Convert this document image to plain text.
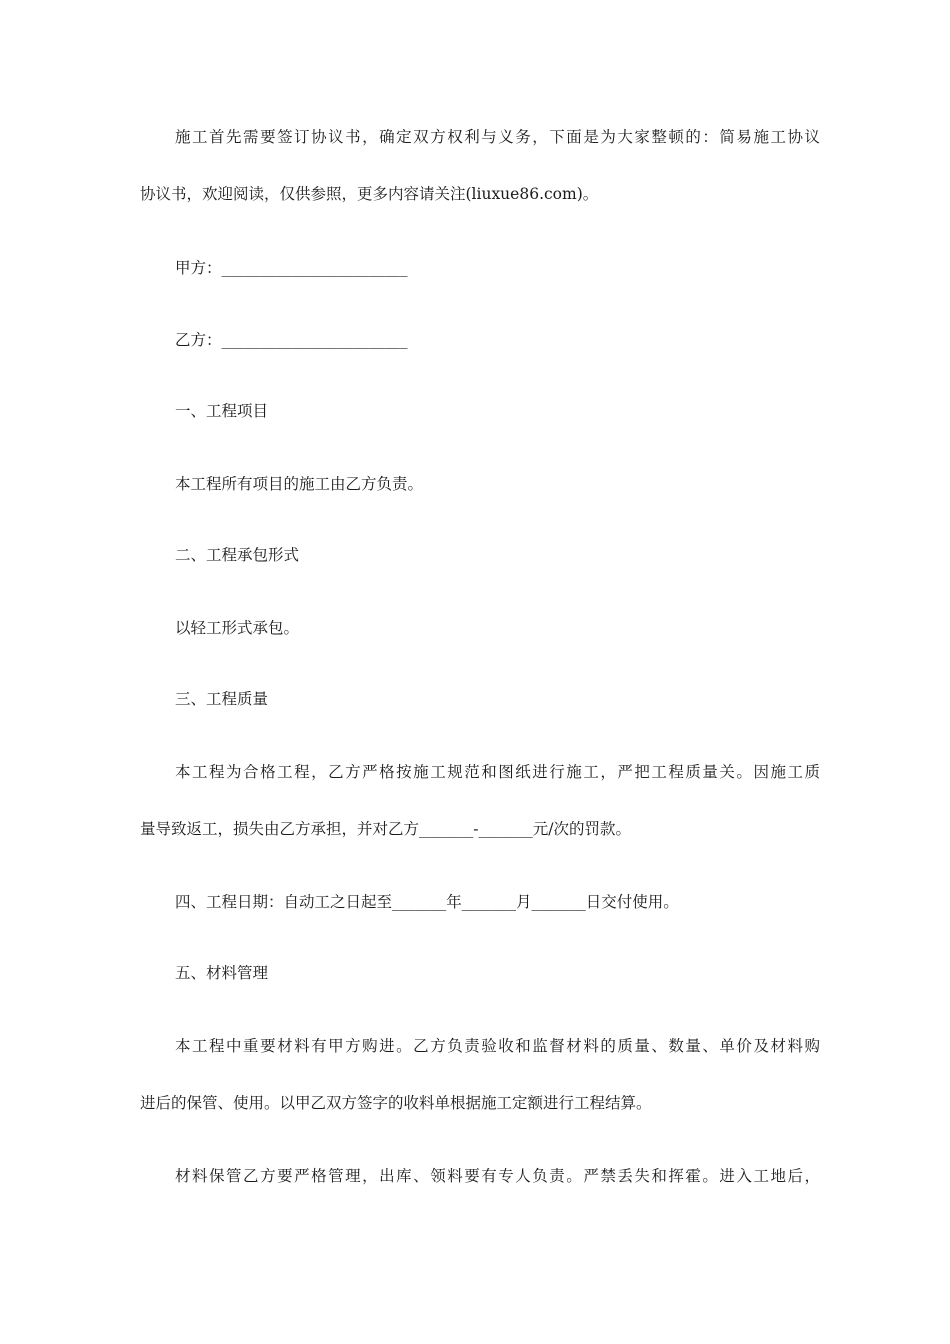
施工首先需要签订协议书，确定双方权利与义务，下面是为大家整顿的：简易施工协议
协议书，欢迎阅读，仅供参照，更多内容请关注(liuxue86.com)。
甲方：________________________
乙方：________________________
一、工程项目
本工程所有项目的施工由乙方负责。
二、工程承包形式
以轻工形式承包。
三、工程质量
本工程为合格工程，乙方严格按施工规范和图纸进行施工，严把工程质量关。因施工质
量导致返工，损失由乙方承担，并对乙方_______-_______元/次的罚款。
四、工程日期：自动工之日起至_______年_______月_______日交付使用。
五、材料管理
本工程中重要材料有甲方购进。乙方负责验收和监督材料的质量、数量、单价及材料购
进后的保管、使用。以甲乙双方签字的收料单根据施工定额进行工程结算。
材料保管乙方要严格管理，出库、领料要有专人负责。严禁丢失和挥霍。进入工地后，
